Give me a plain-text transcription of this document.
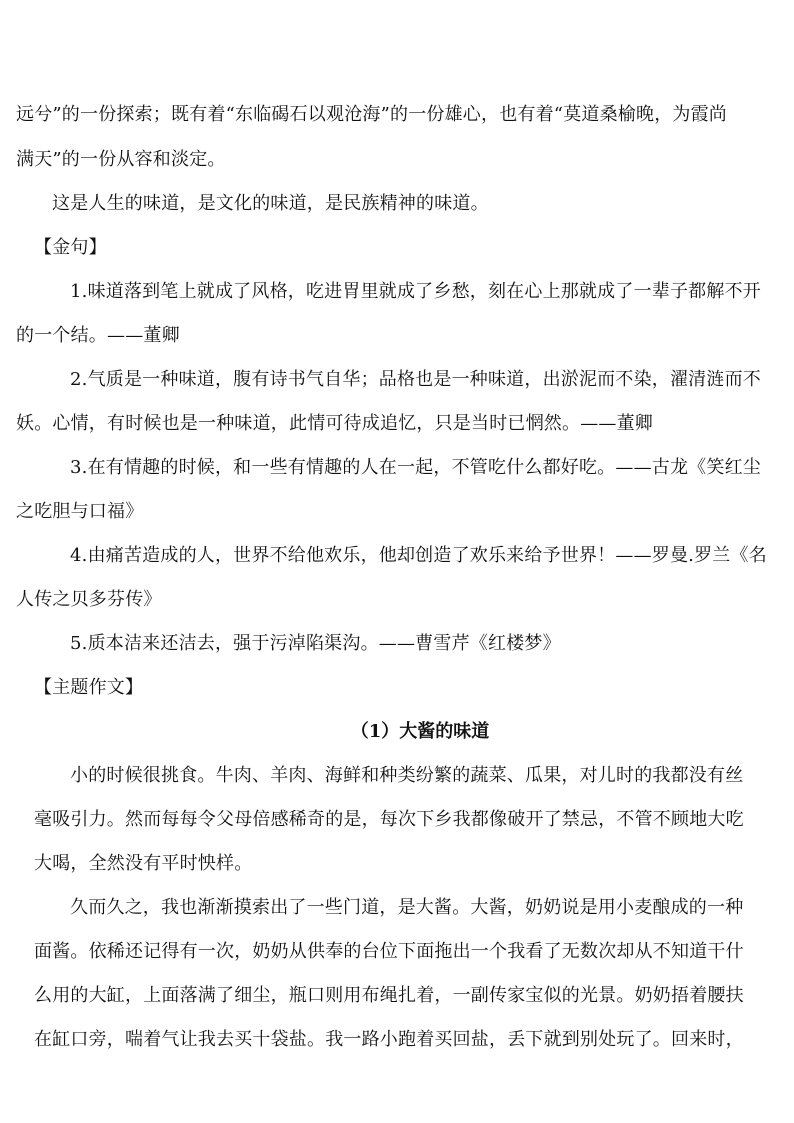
远兮”的一份探索；既有着“东临碣石以观沧海”的一份雄心，也有着“莫道桑榆晚，为霞尚
满天”的一份从容和淡定。
这是人生的味道，是文化的味道，是民族精神的味道。
【金句】
1.味道落到笔上就成了风格，吃进胃里就成了乡愁，刻在心上那就成了一辈子都解不开
的一个结。——董卿
2.气质是一种味道，腹有诗书气自华；品格也是一种味道，出淤泥而不染，濯清涟而不
妖。心情，有时候也是一种味道，此情可待成追忆，只是当时已惘然。——董卿
3.在有情趣的时候，和一些有情趣的人在一起，不管吃什么都好吃。——古龙《笑红尘
之吃胆与口福》
4.由痛苦造成的人，世界不给他欢乐，他却创造了欢乐来给予世界！——罗曼.罗兰《名
人传之贝多芬传》
5.质本洁来还洁去，强于污淖陷渠沟。——曹雪芹《红楼梦》
【主题作文】
（1）大酱的味道
小的时候很挑食。牛肉、羊肉、海鲜和种类纷繁的蔬菜、瓜果，对儿时的我都没有丝
毫吸引力。然而每每令父母倍感稀奇的是，每次下乡我都像破开了禁忌，不管不顾地大吃
大喝，全然没有平时怏样。
久而久之，我也渐渐摸索出了一些门道，是大酱。大酱，奶奶说是用小麦酿成的一种
面酱。依稀还记得有一次，奶奶从供奉的台位下面拖出一个我看了无数次却从不知道干什
么用的大缸，上面落满了细尘，瓶口则用布绳扎着，一副传家宝似的光景。奶奶捂着腰扶
在缸口旁，喘着气让我去买十袋盐。我一路小跑着买回盐，丢下就到别处玩了。回来时，
